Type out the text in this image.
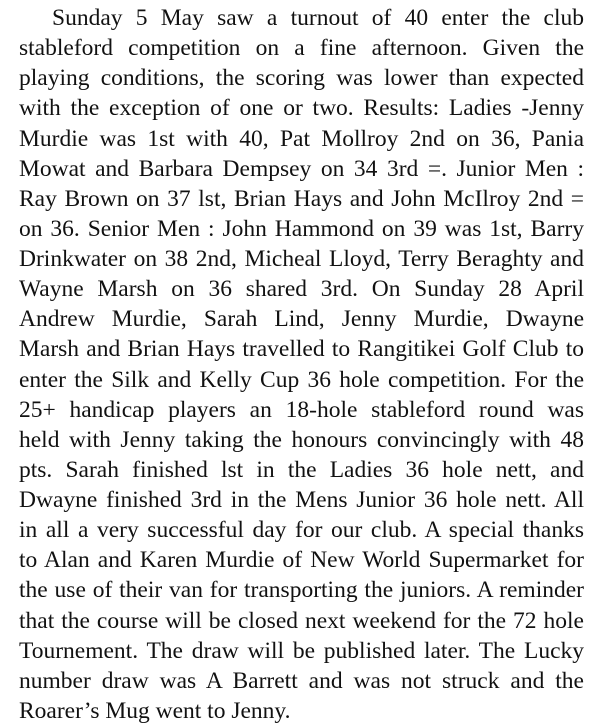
Sunday 5 May saw a turnout of 40 enter the club

stableford competition on a fine afternoon. Given the

playing conditions, the scoring was lower than expected

with the exception of one or two. Results: Ladies -Jenny

Murdie was 1st with 40, Pat Mollroy 2nd on 36, Pania

Mowat and Barbara Dempsey on 34 3rd =. Junior Men :

Ray Brown on 37 lst, Brian Hays and John McIlroy 2nd =

on 36. Senior Men : John Hammond on 39 was 1st, Barry

Drinkwater on 38 2nd, Micheal Lloyd, Terry Beraghty and

Wayne Marsh on 36 shared 3rd. On Sunday 28 April

Andrew Murdie, Sarah Lind, Jenny Murdie, Dwayne

Marsh and Brian Hays travelled to Rangitikei Golf Club to

enter the Silk and Kelly Cup 36 hole competition. For the

25+ handicap players an 18-hole stableford round was

held with Jenny taking the honours convincingly with 48

pts. Sarah finished lst in the Ladies 36 hole nett, and

Dwayne finished 3rd in the Mens Junior 36 hole nett. All

in all a very successful day for our club. A special thanks

to Alan and Karen Murdie of New World Supermarket for

the use of their van for transporting the juniors. A reminder

that the course will be closed next weekend for the 72 hole

Tournement. The draw will be published later. The Lucky

number draw was A Barrett and was not struck and the

Roarer’s Mug went to Jenny.
